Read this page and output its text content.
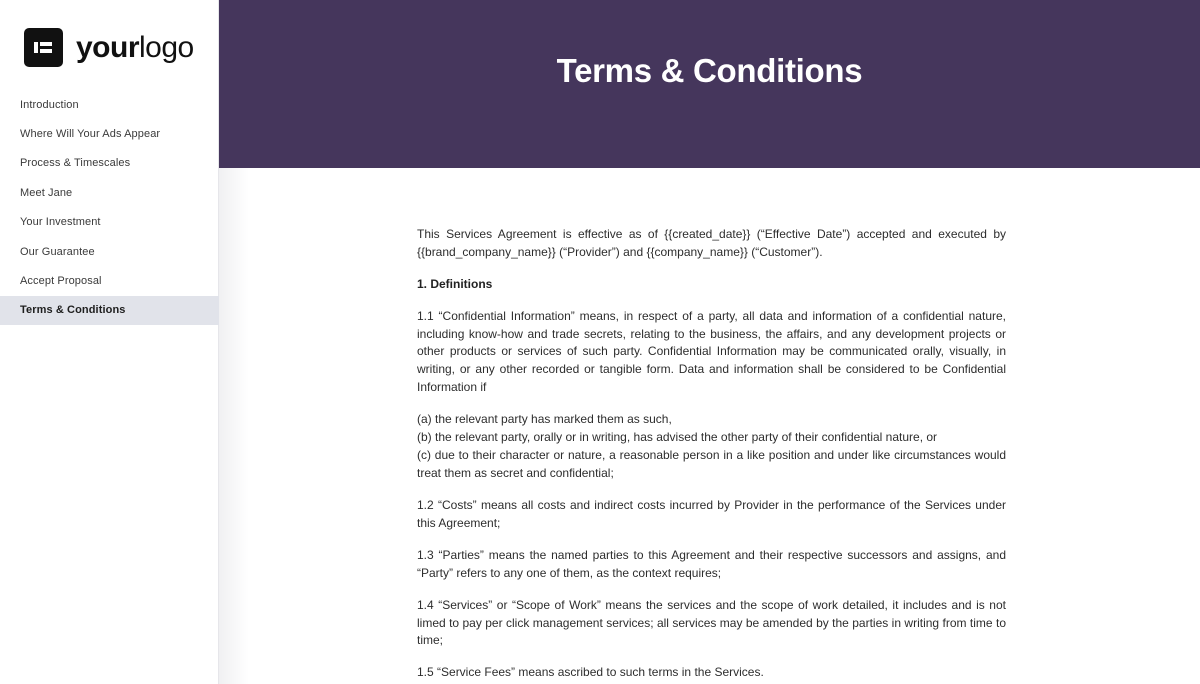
yourlogo
Introduction
Where Will Your Ads Appear
Process & Timescales
Meet Jane
Your Investment
Our Guarantee
Accept Proposal
Terms & Conditions
Terms & Conditions

This Services Agreement is effective as of {{created_date}} (“Effective Date”) accepted and executed by {{brand_company_name}} (“Provider”) and {{company_name}} (“Customer”).

1. Definitions

1.1 “Confidential Information” means, in respect of a party, all data and information of a confidential nature, including know-how and trade secrets, relating to the business, the affairs, and any development projects or other products or services of such party. Confidential Information may be communicated orally, visually, in writing, or any other recorded or tangible form. Data and information shall be considered to be Confidential Information if

(a) the relevant party has marked them as such,

(b) the relevant party, orally or in writing, has advised the other party of their confidential nature, or

(c) due to their character or nature, a reasonable person in a like position and under like circumstances would treat them as secret and confidential;

1.2 “Costs” means all costs and indirect costs incurred by Provider in the performance of the Services under this Agreement;

1.3 “Parties” means the named parties to this Agreement and their respective successors and assigns, and “Party” refers to any one of them, as the context requires;

1.4 “Services” or “Scope of Work” means the services and the scope of work detailed, it includes and is not limed to pay per click management services; all services may be amended by the parties in writing from time to time;

1.5 “Service Fees” means ascribed to such terms in the Services.
